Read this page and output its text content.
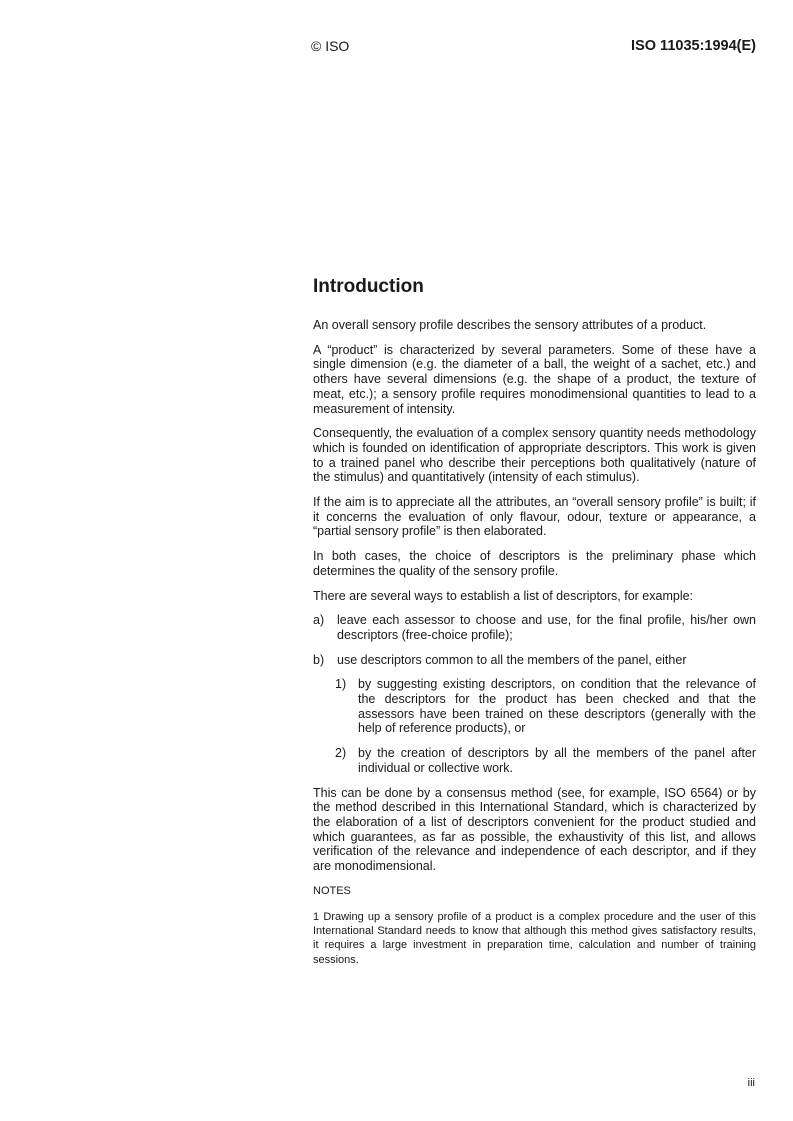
© ISO	ISO 11035:1994(E)
Introduction

An overall sensory profile describes the sensory attributes of a product.

A “product” is characterized by several parameters. Some of these have a single dimension (e.g. the diameter of a ball, the weight of a sachet, etc.) and others have several dimensions (e.g. the shape of a product, the texture of meat, etc.); a sensory profile requires monodimensional quantities to lead to a measurement of intensity.

Consequently, the evaluation of a complex sensory quantity needs methodology which is founded on identification of appropriate descriptors. This work is given to a trained panel who describe their perceptions both qualitatively (nature of the stimulus) and quantitatively (intensity of each stimulus).

If the aim is to appreciate all the attributes, an “overall sensory profile” is built; if it concerns the evaluation of only flavour, odour, texture or appearance, a “partial sensory profile” is then elaborated.

In both cases, the choice of descriptors is the preliminary phase which determines the quality of the sensory profile.

There are several ways to establish a list of descriptors, for example:

a)	leave each assessor to choose and use, for the final profile, his/her own descriptors (free-choice profile);
b)	use descriptors common to all the members of the panel, either
1) by suggesting existing descriptors, on condition that the relevance of the descriptors for the product has been checked and that the assessors have been trained on these descriptors (generally with the help of reference products), or
2) by the creation of descriptors by all the members of the panel after individual or collective work.

This can be done by a consensus method (see, for example, ISO 6564) or by the method described in this International Standard, which is characterized by the elaboration of a list of descriptors convenient for the product studied and which guarantees, as far as possible, the exhaustivity of this list, and allows verification of the relevance and independence of each descriptor, and if they are monodimensional.

NOTES

1 Drawing up a sensory profile of a product is a complex procedure and the user of this International Standard needs to know that although this method gives satisfactory results, it requires a large investment in preparation time, calculation and number of training sessions.

iii
